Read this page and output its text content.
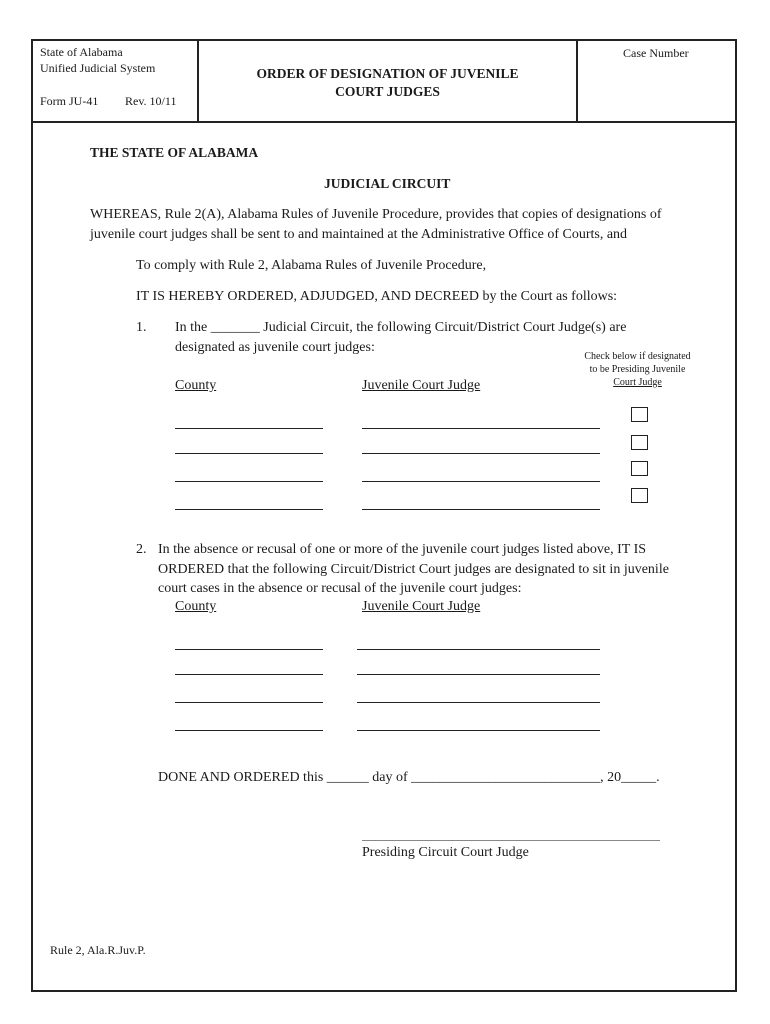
State of Alabama
Unified Judicial System
Form JU-41 Rev. 10/11
ORDER OF DESIGNATION OF JUVENILE
COURT JUDGES
Case Number
THE STATE OF ALABAMA
JUDICIAL CIRCUIT
WHEREAS, Rule 2(A), Alabama Rules of Juvenile Procedure, provides that copies of designations of
juvenile court judges shall be sent to and maintained at the Administrative Office of Courts, and
To comply with Rule 2, Alabama Rules of Juvenile Procedure,
IT IS HEREBY ORDERED, ADJUDGED, AND DECREED by the Court as follows:
1. In the _______ Judicial Circuit, the following Circuit/District Court Judge(s) are
designated as juvenile court judges:
Check below if designated
to be Presiding Juvenile
Court Judge
County	Juvenile Court Judge
2. In the absence or recusal of one or more of the juvenile court judges listed above, IT IS
ORDERED that the following Circuit/District Court judges are designated to sit in juvenile
court cases in the absence or recusal of the juvenile court judges:
County	Juvenile Court Judge
DONE AND ORDERED this ______ day of ___________________________, 20_____.
Presiding Circuit Court Judge
Rule 2, Ala.R.Juv.P.
